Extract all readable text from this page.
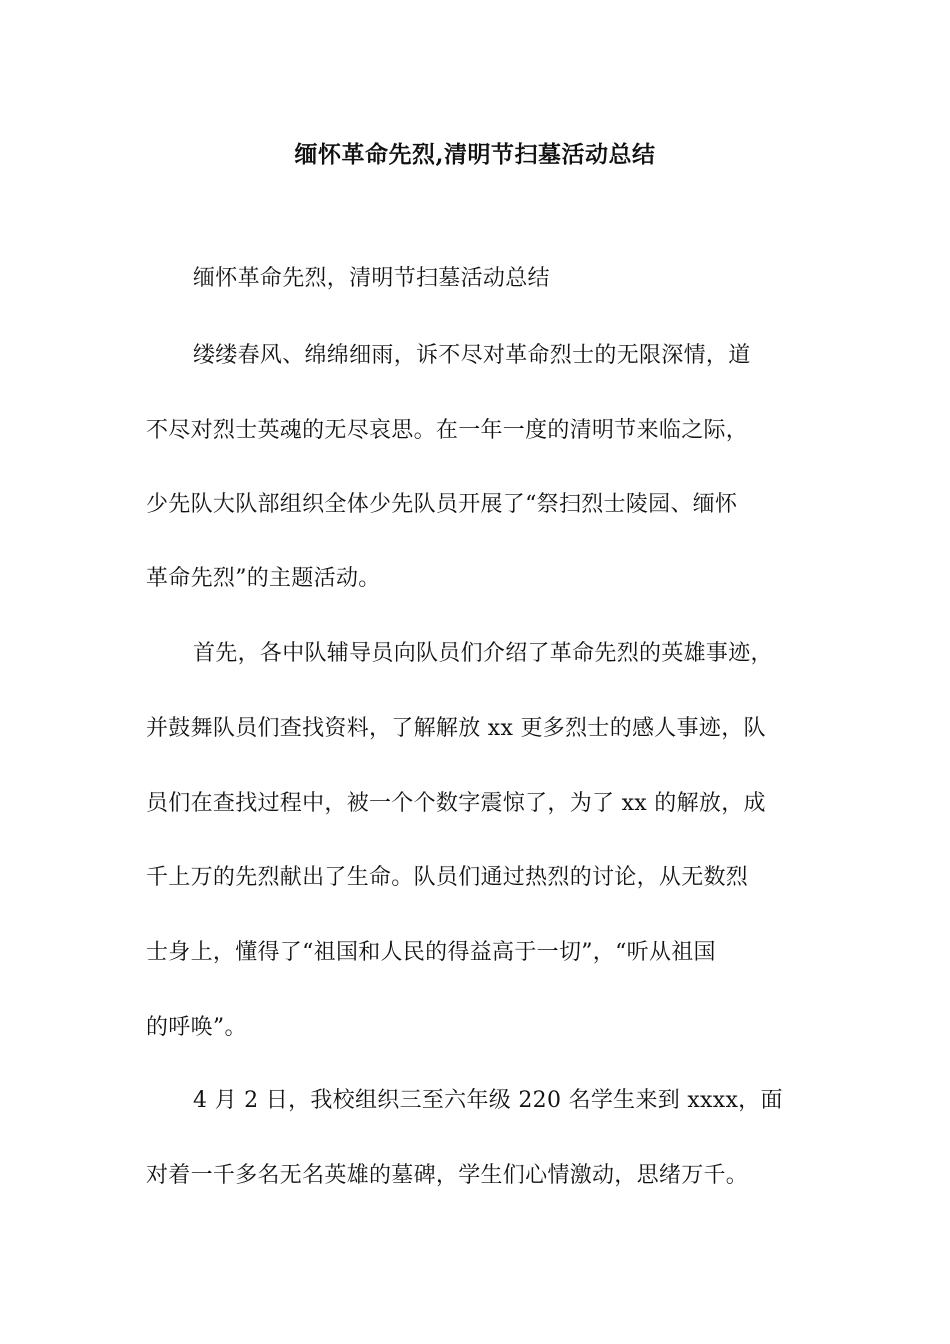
缅怀革命先烈,清明节扫墓活动总结
缅怀革命先烈，清明节扫墓活动总结
缕缕春风、绵绵细雨，诉不尽对革命烈士的无限深情，道
不尽对烈士英魂的无尽哀思。在一年一度的清明节来临之际，
少先队大队部组织全体少先队员开展了“祭扫烈士陵园、缅怀
革命先烈”的主题活动。
首先，各中队辅导员向队员们介绍了革命先烈的英雄事迹，
并鼓舞队员们查找资料，了解解放 xx 更多烈士的感人事迹，队
员们在查找过程中，被一个个数字震惊了，为了 xx 的解放，成
千上万的先烈献出了生命。队员们通过热烈的讨论，从无数烈
士身上，懂得了“祖国和人民的得益高于一切”，“听从祖国
的呼唤”。
4 月 2 日，我校组织三至六年级 220 名学生来到 xxxx，面
对着一千多名无名英雄的墓碑，学生们心情激动，思绪万千。
